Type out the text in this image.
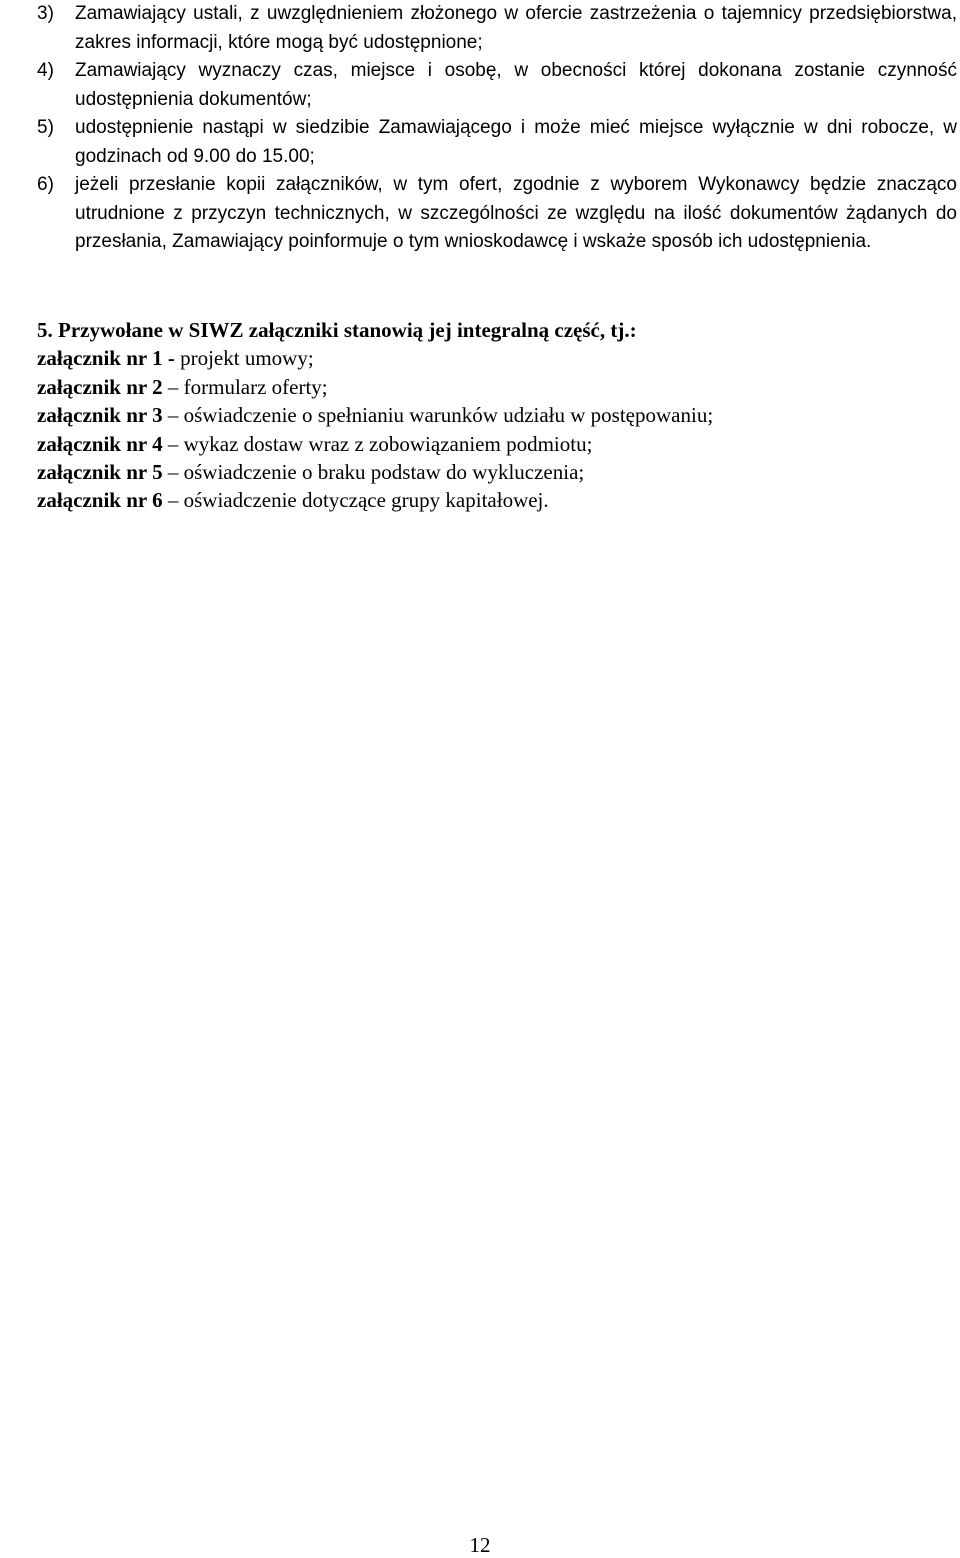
3)	Zamawiający ustali, z uwzględnieniem złożonego w ofercie zastrzeżenia o tajemnicy przedsiębiorstwa, zakres informacji, które mogą być udostępnione;
4)	Zamawiający wyznaczy czas, miejsce i osobę, w obecności której dokonana zostanie czynność udostępnienia dokumentów;
5)	udostępnienie nastąpi w siedzibie Zamawiającego i może mieć miejsce wyłącznie w dni robocze, w godzinach od 9.00 do 15.00;
6)	jeżeli przesłanie kopii załączników, w tym ofert, zgodnie z wyborem Wykonawcy będzie znacząco utrudnione z przyczyn technicznych, w szczególności ze względu na ilość dokumentów żądanych do przesłania, Zamawiający poinformuje o tym wnioskodawcę i wskaże sposób ich udostępnienia.
5. Przywołane w SIWZ załączniki stanowią jej integralną część, tj.:
załącznik nr 1 - projekt umowy;
załącznik nr 2 – formularz oferty;
załącznik nr 3 – oświadczenie o spełnianiu warunków udziału w postępowaniu;
załącznik nr 4 – wykaz dostaw wraz z zobowiązaniem podmiotu;
załącznik nr 5 – oświadczenie o braku podstaw do wykluczenia;
załącznik nr 6 – oświadczenie dotyczące grupy kapitałowej.
12
